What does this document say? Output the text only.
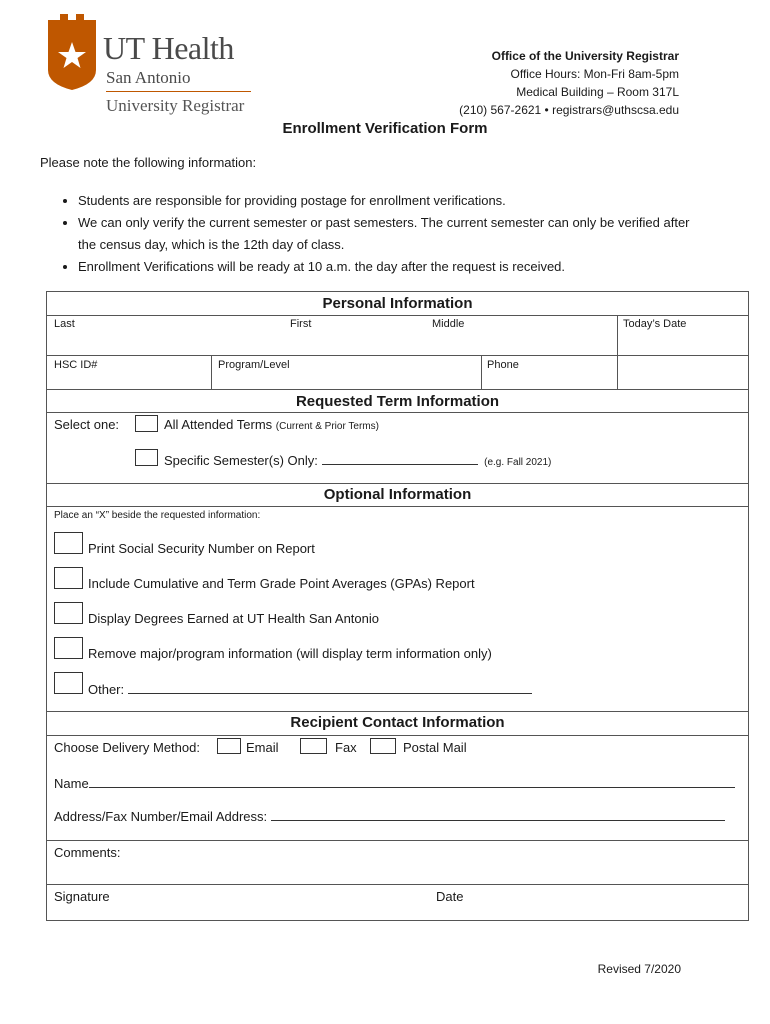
UT Health
San Antonio
University Registrar
Office of the University Registrar
Office Hours: Mon-Fri 8am-5pm
Medical Building – Room 317L
(210) 567-2621 • registrars@uthscsa.edu
Enrollment Verification Form
Please note the following information:
• Students are responsible for providing postage for enrollment verifications.
• We can only verify the current semester or past semesters. The current semester can only be verified after the census day, which is the 12th day of class.
• Enrollment Verifications will be ready at 10 a.m. the day after the request is received.
Personal Information
Last	First	Middle	Today’s Date
HSC ID#	Program/Level	Phone
Requested Term Information
Select one:	All Attended Terms (Current & Prior Terms)
Specific Semester(s) Only:	(e.g. Fall 2021)
Optional Information
Place an “X” beside the requested information:
Print Social Security Number on Report
Include Cumulative and Term Grade Point Averages (GPAs) Report
Display Degrees Earned at UT Health San Antonio
Remove major/program information (will display term information only)
Other:
Recipient Contact Information
Choose Delivery Method:	Email	Fax	Postal Mail
Name
Address/Fax Number/Email Address:
Comments:
Signature	Date
Revised 7/2020
